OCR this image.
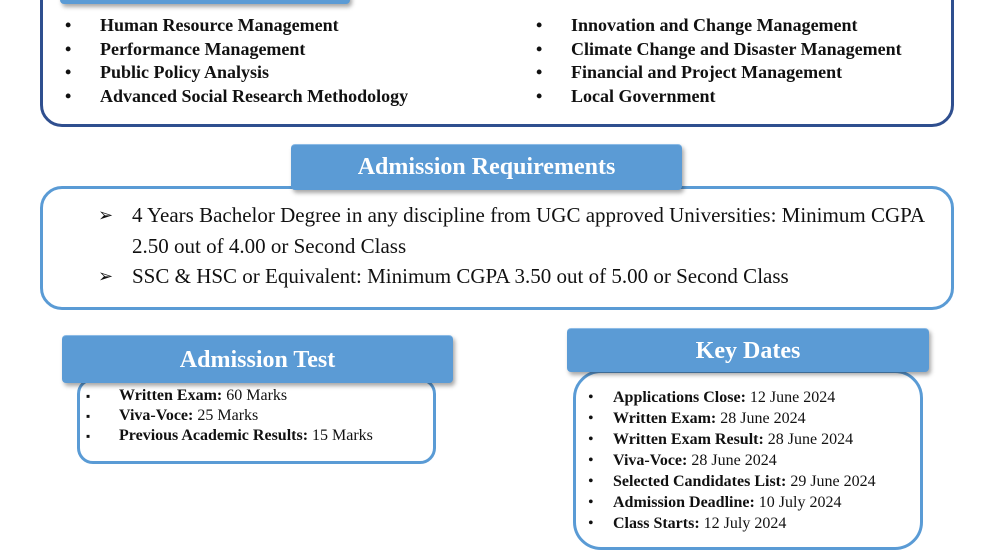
• Human Resource Management
• Performance Management
• Public Policy Analysis
• Advanced Social Research Methodology
• Innovation and Change Management
• Climate Change and Disaster Management
• Financial and Project Management
• Local Government
Admission Requirements
➢ 4 Years Bachelor Degree in any discipline from UGC approved Universities: Minimum CGPA 2.50 out of 4.00 or Second Class
➢ SSC & HSC or Equivalent: Minimum CGPA 3.50 out of 5.00 or Second Class
Admission Test
▪ Written Exam: 60 Marks
▪ Viva-Voce: 25 Marks
▪ Previous Academic Results: 15 Marks
Key Dates
• Applications Close: 12 June 2024
• Written Exam: 28 June 2024
• Written Exam Result: 28 June 2024
• Viva-Voce: 28 June 2024
• Selected Candidates List: 29 June 2024
• Admission Deadline: 10 July 2024
• Class Starts: 12 July 2024
